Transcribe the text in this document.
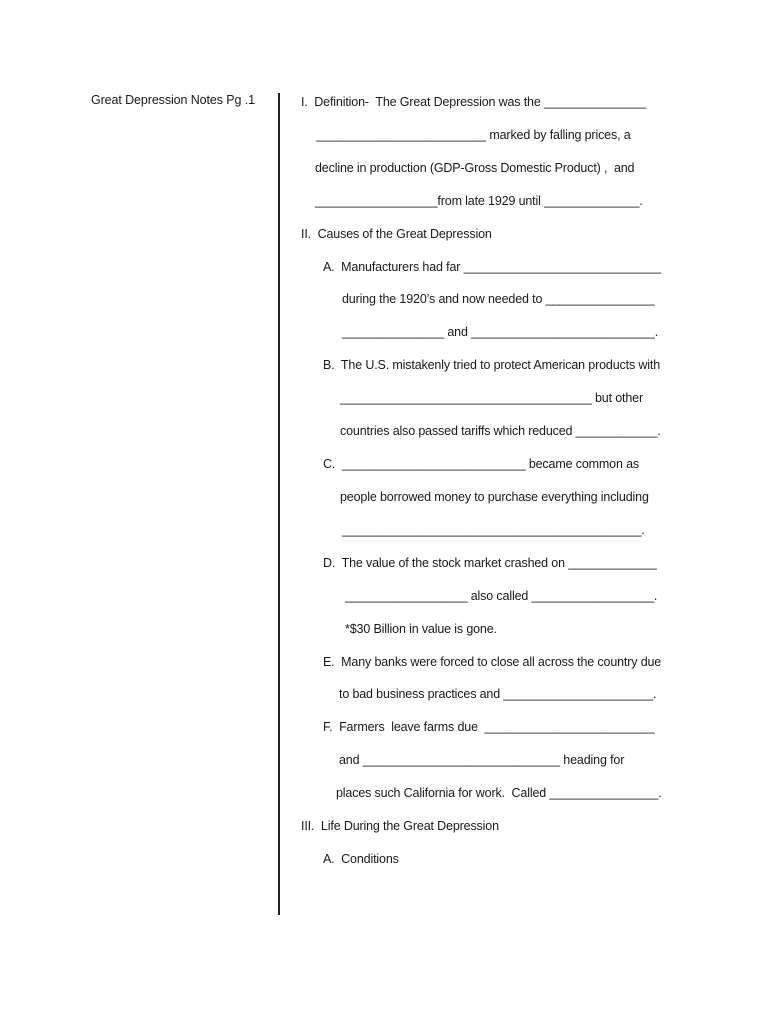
Great Depression Notes Pg .1	I.  Definition-  The Great Depression was the _______________
_________________________ marked by falling prices, a
decline in production (GDP-Gross Domestic Product) ,  and
__________________from late 1929 until ______________.
II.  Causes of the Great Depression
A.  Manufacturers had far _____________________________
during the 1920’s and now needed to ________________
_______________ and ___________________________.
B.  The U.S. mistakenly tried to protect American products with
_____________________________________ but other
countries also passed tariffs which reduced ____________.
C.  ___________________________ became common as
people borrowed money to purchase everything including
____________________________________________.
D.  The value of the stock market crashed on _____________
__________________ also called __________________.
*$30 Billion in value is gone.
E.  Many banks were forced to close all across the country due
to bad business practices and ______________________.
F.  Farmers  leave farms due  _________________________
and _____________________________ heading for
places such California for work.  Called ________________.
III.  Life During the Great Depression
A.  Conditions
